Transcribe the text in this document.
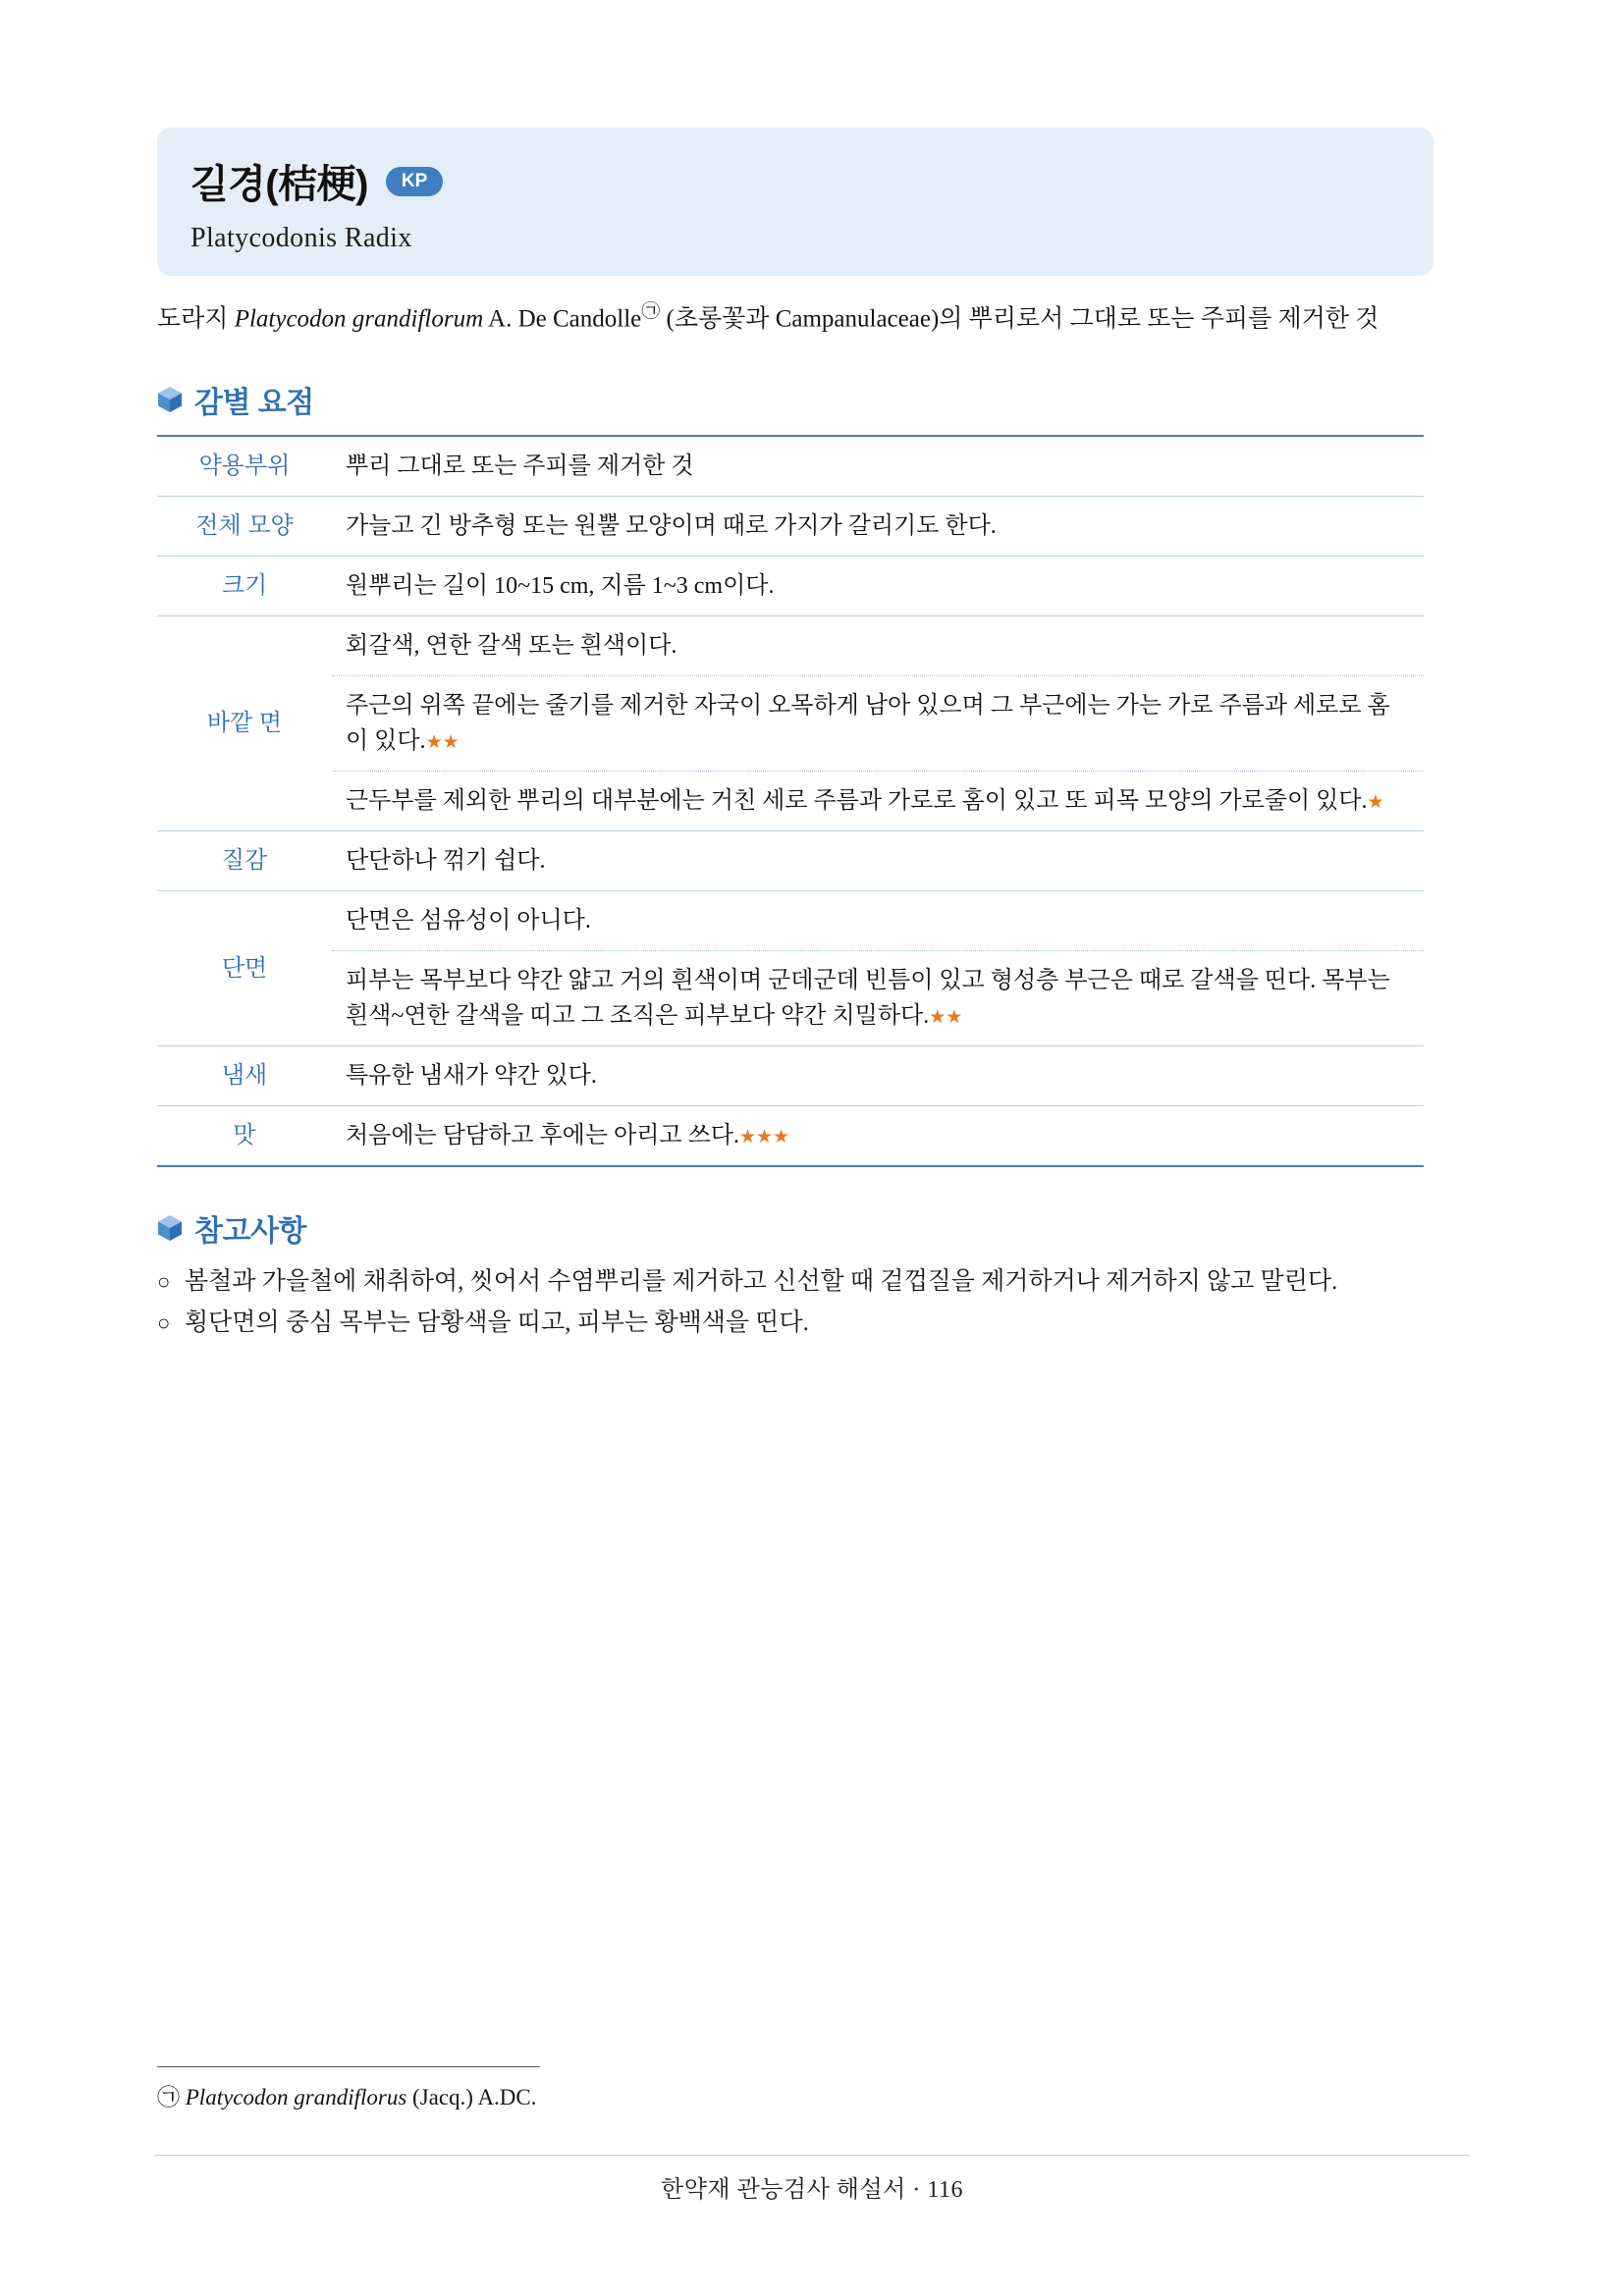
길경(桔梗)	KP
Platycodonis Radix
도라지 Platycodon grandiflorum A. De Candolle㉠ (초롱꽃과 Campanulaceae)의 뿌리로서 그대로 또는 주피를 제거한 것
감별 요점
약용부위	뿌리 그대로 또는 주피를 제거한 것
전체 모양	가늘고 긴 방추형 또는 원뿔 모양이며 때로 가지가 갈리기도 한다.
크기	원뿌리는 길이 10~15 cm, 지름 1~3 cm이다.
바깥 면	회갈색, 연한 갈색 또는 흰색이다.
	주근의 위쪽 끝에는 줄기를 제거한 자국이 오목하게 남아 있으며 그 부근에는 가는 가로 주름과 세로로 홈이 있다.★★
	근두부를 제외한 뿌리의 대부분에는 거친 세로 주름과 가로로 홈이 있고 또 피목 모양의 가로줄이 있다.★
질감	단단하나 꺾기 쉽다.
단면	단면은 섬유성이 아니다.
	피부는 목부보다 약간 얇고 거의 흰색이며 군데군데 빈틈이 있고 형성층 부근은 때로 갈색을 띤다. 목부는 흰색~연한 갈색을 띠고 그 조직은 피부보다 약간 치밀하다.★★
냄새	특유한 냄새가 약간 있다.
맛	처음에는 담담하고 후에는 아리고 쓰다.★★★
참고사항
○ 봄철과 가을철에 채취하여, 씻어서 수염뿌리를 제거하고 신선할 때 겉껍질을 제거하거나 제거하지 않고 말린다.
○ 횡단면의 중심 목부는 담황색을 띠고, 피부는 황백색을 띤다.
㉠ Platycodon grandiflorus (Jacq.) A.DC.
한약재 관능검사 해설서 · 116
